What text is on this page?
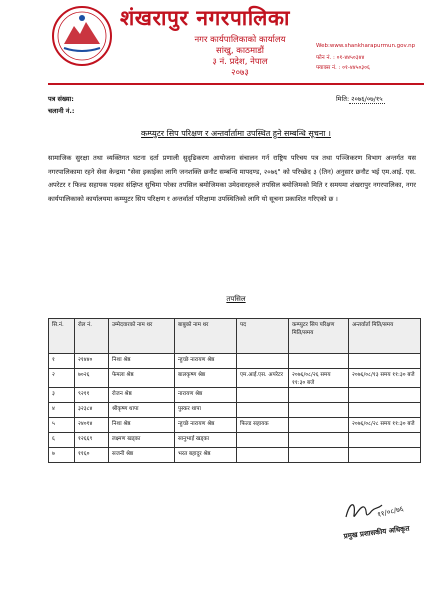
शंखरापुर नगरपालिका
नगर कार्यपालिकाको कार्यालय
सांखु, काठमाडौं
३ नं. प्रदेश, नेपाल
२०७३
Web:www.shankharapurmun.gov.np
फोन नं. : ०१-४४५०३४४
फ्याक्स नं. : ०१-४४५०३०६
पत्र संख्या:
चलानी नं.:
मिति: २०७६/०७/१५
कम्प्युटर सिप परिक्षण र अन्तर्वार्तामा उपस्थित हुने सम्बन्धि सूचना ।
सामाजिक सुरक्षा तथा व्यक्तिगत घटना दर्ता प्रणाली सुदृढिकरण आयोजना संचालन गर्न राष्ट्रिय परिचय पत्र तथा पञ्जिकरण विभाग अन्तर्गत यस नगरपालिकामा रहने सेवा केन्द्रमा "सेवा इकाईका लागि जनशक्ति छनौट सम्बन्धि मापदण्ड, २०७६" को परिच्छेद ३ (तिन) अनुसार छनौट भई एम.आई. एस. अपरेटर र फिल्ड सहायक पदका संक्षिप्त सुचिमा परेका तपसिल बमोजिमका उमेदवारहरुले तपसिल बमोजिमको मिति र समयमा शंखरापुर नगरपालिका, नगर कार्यपालिकाको कार्यालयमा कम्प्युटर सिप परिक्षण र अन्तर्वार्ता परिक्षामा उपस्थितिको लागि यो सूचना प्रकाशित गरिएको छ ।
तपसिल
सि.नं.	रोल नं.	उम्मेदवारको नाम थर	बाबुको नाम थर	पद	कम्प्युटर सिप परिक्षण मिति/समय	अन्तर्वार्ता मिति/समय
१	२१४४०	निशा श्रेष्ठ	न्हुच्छे नारायण श्रेष्ठ			
२	७०२६	फेमला श्रेष्ठ	बालकृष्ण श्रेष्ठ	एम.आई.एस. अपरेटर	२०७६/०८/२६ समय ११:३० बजे	२०७६/०८/१३ समय ११:३० बजे
३	९२११	रोजन श्रेष्ठ	नारायण श्रेष्ठ			
४	३२३८४	श्रीकृष्ण थापा	पुस्कर थापा			
५	२४०१४	निशा श्रेष्ठ	न्हुच्छे नारायण श्रेष्ठ	फिल्ड सहायक		२०७६/०८/२८ समय ११:३० बजे
६	१२६६९	लक्ष्मण खड्का	सानुभाई खड्का			
७	११६०	सजनी श्रेष्ठ	भरत बहादुर श्रेष्ठ			
११/०८/७६
प्रमुख प्रशासकीय अधिकृत
